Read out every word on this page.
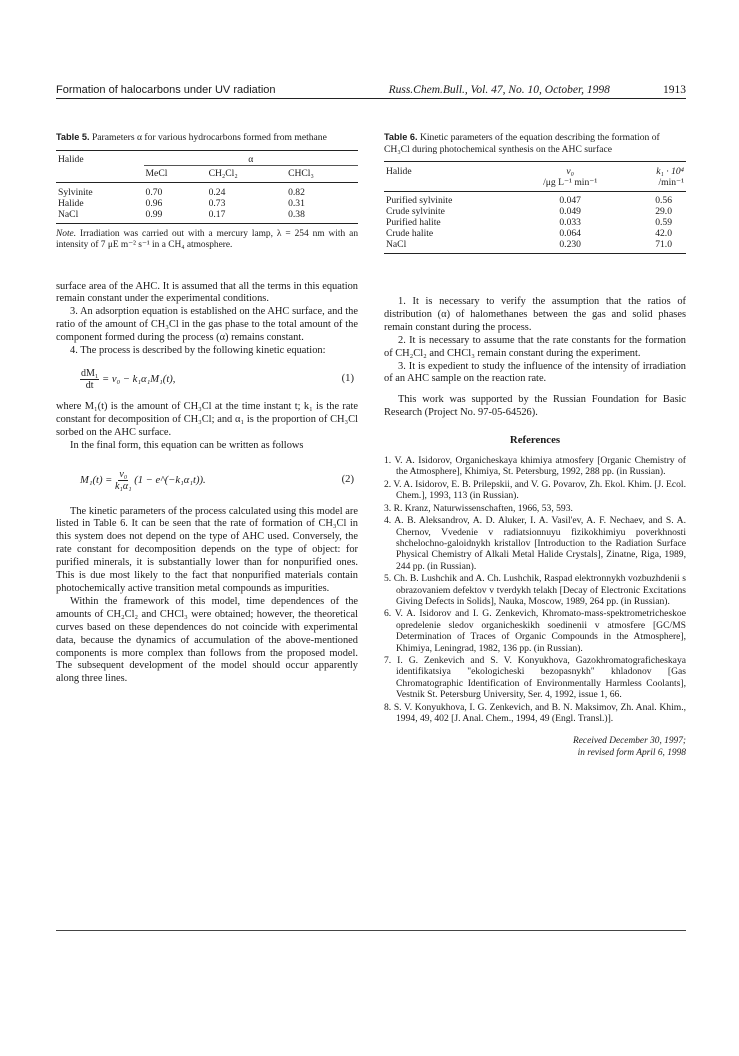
Formation of halocarbons under UV radiation	Russ.Chem.Bull., Vol. 47, No. 10, October, 1998	1913
Table 5. Parameters α for various hydrocarbons formed from methane
Halide	α		
	MeCl	CH₂Cl₂	CHCl₃

Sylvinite	0.70	0.24	0.82
Halide	0.96	0.73	0.31
NaCl	0.99	0.17	0.38
Note. Irradiation was carried out with a mercury lamp, λ = 254 nm with an intensity of 7 μE m⁻² s⁻¹ in a CH₄ atmosphere.

surface area of the AHC. It is assumed that all the terms in this equation remain constant under the experimental conditions.

3. An adsorption equation is established on the AHC surface, and the ratio of the amount of CH₃Cl in the gas phase to the total amount of the component formed during the process (α) remains constant.

4. The process is described by the following kinetic equation:

$\frac{\text{dM₁}}{dt} = v_0 - k_1\alpha_1M_1(t)$,	(1)

where M₁(t) is the amount of CH₃Cl at the time instant t; k₁ is the rate constant for decomposition of CH₃Cl; and α₁ is the proportion of CH₃Cl sorbed on the AHC surface.

In the final form, this equation can be written as follows

$M_1(t) = \frac{\text{v₀}}{\text{k₁α₁}} (1$ − e^(−k₁α₁t)).	(2)

The kinetic parameters of the process calculated using this model are listed in Table 6. It can be seen that the rate of formation of CH₃Cl in this system does not depend on the type of AHC used. Conversely, the rate constant for decomposition depends on the type of object: for purified minerals, it is substantially lower than for nonpurified ones. This is due most likely to the fact that nonpurified materials contain photochemically active transition metal compounds as impurities.

Within the framework of this model, time dependences of the amounts of CH₂Cl₂ and CHCl₃ were obtained; however, the theoretical curves based on these dependences do not coincide with experimental data, because the dynamics of accumulation of the above-mentioned components is more complex than follows from the proposed model. The subsequent development of the model should occur apparently along three lines.

Table 6. Kinetic parameters of the equation describing the formation of CH₃Cl during photochemical synthesis on the AHC surface
Halide	v₀	k₁ · 10⁴
	/μg L⁻¹ min⁻¹	/min⁻¹

Purified sylvinite	0.047	0.56
Crude sylvinite	0.049	29.0
Purified halite	0.033	0.59
Crude halite	0.064	42.0
NaCl	0.230	71.0

1. It is necessary to verify the assumption that the ratios of distribution (α) of halomethanes between the gas and solid phases remain constant during the process.

2. It is necessary to assume that the rate constants for the formation of CH₂Cl₂ and CHCl₃ remain constant during the experiment.

3. It is expedient to study the influence of the intensity of irradiation of an AHC sample on the reaction rate.

This work was supported by the Russian Foundation for Basic Research (Project No. 97-05-64526).

References
1. V. A. Isidorov, Organicheskaya khimiya atmosfery [Organic Chemistry of the Atmosphere], Khimiya, St. Petersburg, 1992, 288 pp. (in Russian).
2. V. A. Isidorov, E. B. Prilepskii, and V. G. Povarov, Zh. Ekol. Khim. [J. Ecol. Chem.], 1993, 113 (in Russian).
3. R. Kranz, Naturwissenschaften, 1966, 53, 593.
4. A. B. Aleksandrov, A. D. Aluker, I. A. Vasil'ev, A. F. Nechaev, and S. A. Chernov, Vvedenie v radiatsionnuyu fizikokhimiyu poverkhnosti shchelochno-galoidnykh kristallov [Introduction to the Radiation Surface Physical Chemistry of Alkali Metal Halide Crystals], Zinatne, Riga, 1989, 244 pp. (in Russian).
5. Ch. B. Lushchik and A. Ch. Lushchik, Raspad elektronnykh vozbuzhdenii s obrazovaniem defektov v tverdykh telakh [Decay of Electronic Excitations Giving Defects in Solids], Nauka, Moscow, 1989, 264 pp. (in Russian).
6. V. A. Isidorov and I. G. Zenkevich, Khromato-mass-spektrometricheskoe opredelenie sledov organicheskikh soedinenii v atmosfere [GC/MS Determination of Traces of Organic Compounds in the Atmosphere], Khimiya, Leningrad, 1982, 136 pp. (in Russian).
7. I. G. Zenkevich and S. V. Konyukhova, Gazokhromatograficheskaya identifikatsiya "ekologicheski bezopasnykh" khladonov [Gas Chromatographic Identification of Environmentally Harmless Coolants], Vestnik St. Petersburg University, Ser. 4, 1992, issue 1, 66.
8. S. V. Konyukhova, I. G. Zenkevich, and B. N. Maksimov, Zh. Anal. Khim., 1994, 49, 402 [J. Anal. Chem., 1994, 49 (Engl. Transl.)].
Received December 30, 1997;
in revised form April 6, 1998
